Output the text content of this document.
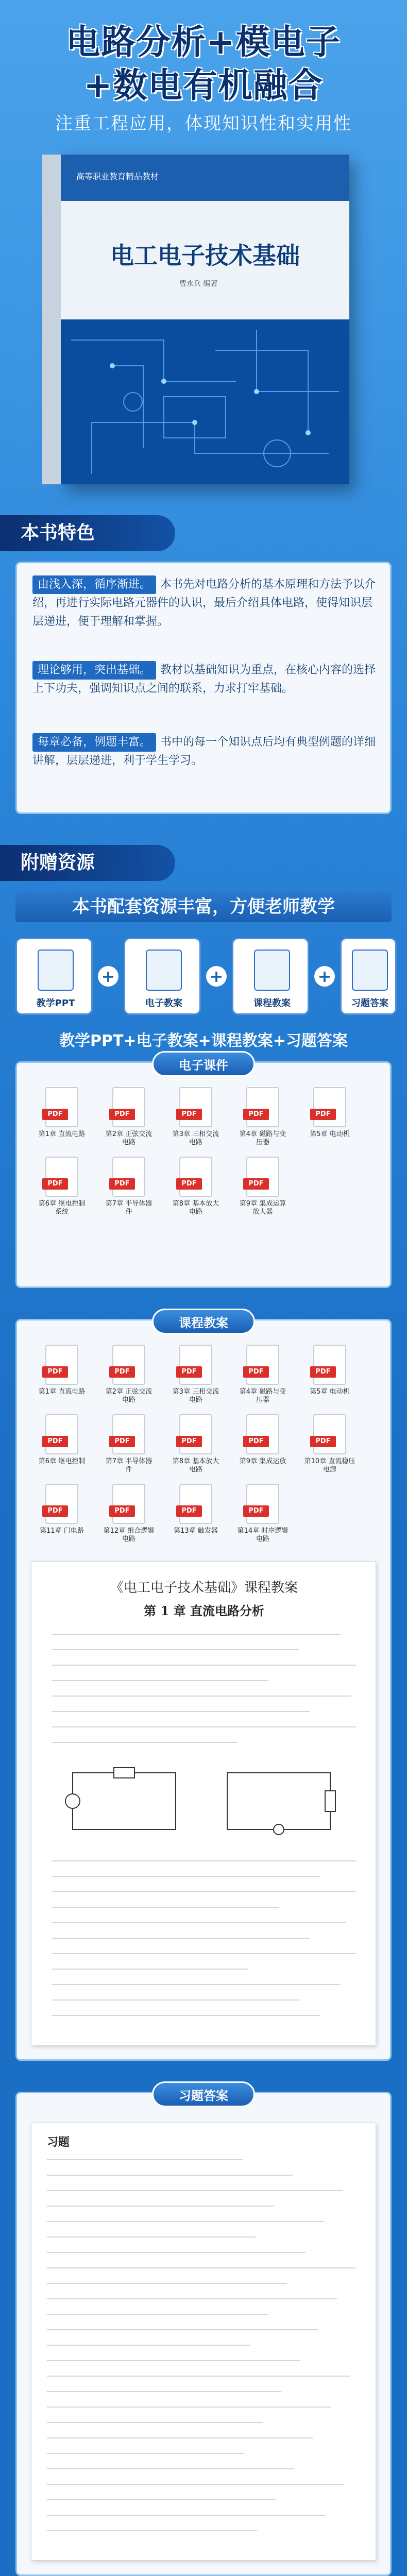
电路分析+模电子
+数电有机融合
注重工程应用，体现知识性和实用性
高等职业教育精品教材
电工电子技术基础
曹永兵 编著
本书特色
由浅入深，循序渐进。 本书先对电路分析的基本原理和方法予以介绍，再进行实际电路元器件的认识，最后介绍具体电路，使得知识层层递进，便于理解和掌握。
理论够用，突出基础。 教材以基础知识为重点，在核心内容的选择上下功夫，强调知识点之间的联系，力求打牢基础。
每章必备，例题丰富。 书中的每一个知识点后均有典型例题的详细讲解，层层递进，利于学生学习。
附赠资源
本书配套资源丰富，方便老师教学
教学PPT
+
电子教案
+
课程教案
+
习题答案
教学PPT+电子教案+课程教案+习题答案
电子课件
课程教案
《电工电子技术基础》课程教案
第 1 章 直流电路分析
习题答案
习题
PDF
第1章 直流电路
PDF
第2章 正弦交流电路
PDF
第3章 三相交流电路
PDF
第4章 磁路与变压器
PDF
第5章 电动机
PDF
第6章 继电控制系统
PDF
第7章 半导体器件
PDF
第8章 基本放大电路
PDF
第9章 集成运算放大器
PDF
第1章 直流电路
PDF
第2章 正弦交流电路
PDF
第3章 三相交流电路
PDF
第4章 磁路与变压器
PDF
第5章 电动机
PDF
第6章 继电控制
PDF
第7章 半导体器件
PDF
第8章 基本放大电路
PDF
第9章 集成运放
PDF
第10章 直流稳压电源
PDF
第11章 门电路
PDF
第12章 组合逻辑电路
PDF
第13章 触发器
PDF
第14章 时序逻辑电路
